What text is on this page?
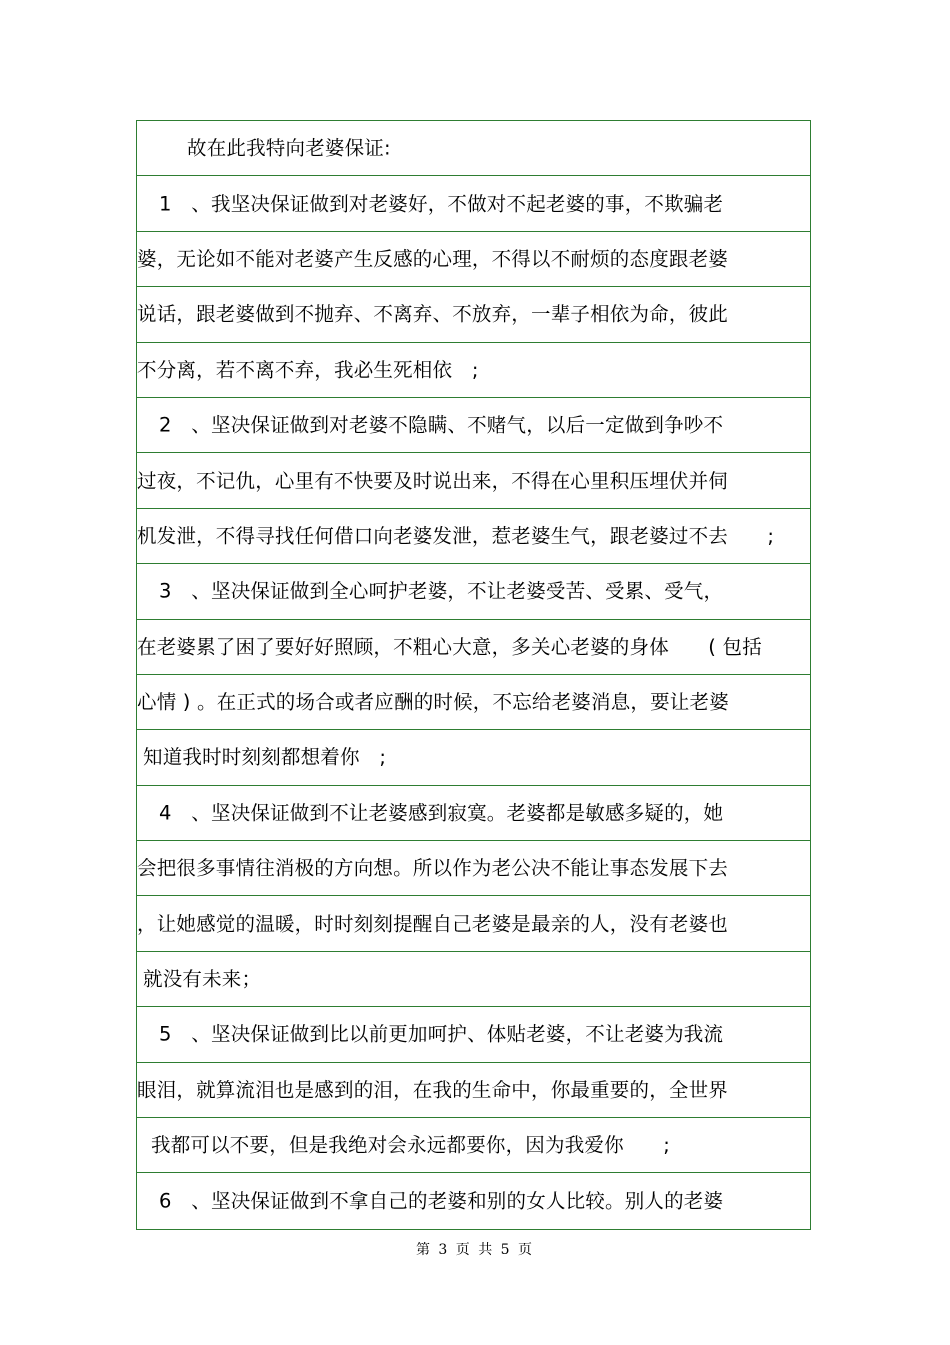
故在此我特向老婆保证:
1　、我坚决保证做到对老婆好，不做对不起老婆的事，不欺骗老
婆，无论如不能对老婆产生反感的心理，不得以不耐烦的态度跟老婆
说话，跟老婆做到不抛弃、不离弃、不放弃，一辈子相依为命，彼此
不分离，若不离不弃，我必生死相依　;
2　、坚决保证做到对老婆不隐瞒、不赌气，以后一定做到争吵不
过夜，不记仇，心里有不快要及时说出来，不得在心里积压埋伏并伺
机发泄，不得寻找任何借口向老婆发泄，惹老婆生气，跟老婆过不去　　;
3　、坚决保证做到全心呵护老婆，不让老婆受苦、受累、受气，
在老婆累了困了要好好照顾，不粗心大意，多关心老婆的身体　　( 包括
心情 ) 。在正式的场合或者应酬的时候，不忘给老婆消息，要让老婆
知道我时时刻刻都想着你　;
4　、坚决保证做到不让老婆感到寂寞。老婆都是敏感多疑的，她
会把很多事情往消极的方向想。所以作为老公决不能让事态发展下去
，让她感觉的温暖，时时刻刻提醒自己老婆是最亲的人，没有老婆也
就没有未来；
5　、坚决保证做到比以前更加呵护、体贴老婆，不让老婆为我流
眼泪，就算流泪也是感到的泪，在我的生命中，你最重要的，全世界
我都可以不要，但是我绝对会永远都要你，因为我爱你　　;
6　、坚决保证做到不拿自己的老婆和别的女人比较。别人的老婆
第 3 页 共 5 页
